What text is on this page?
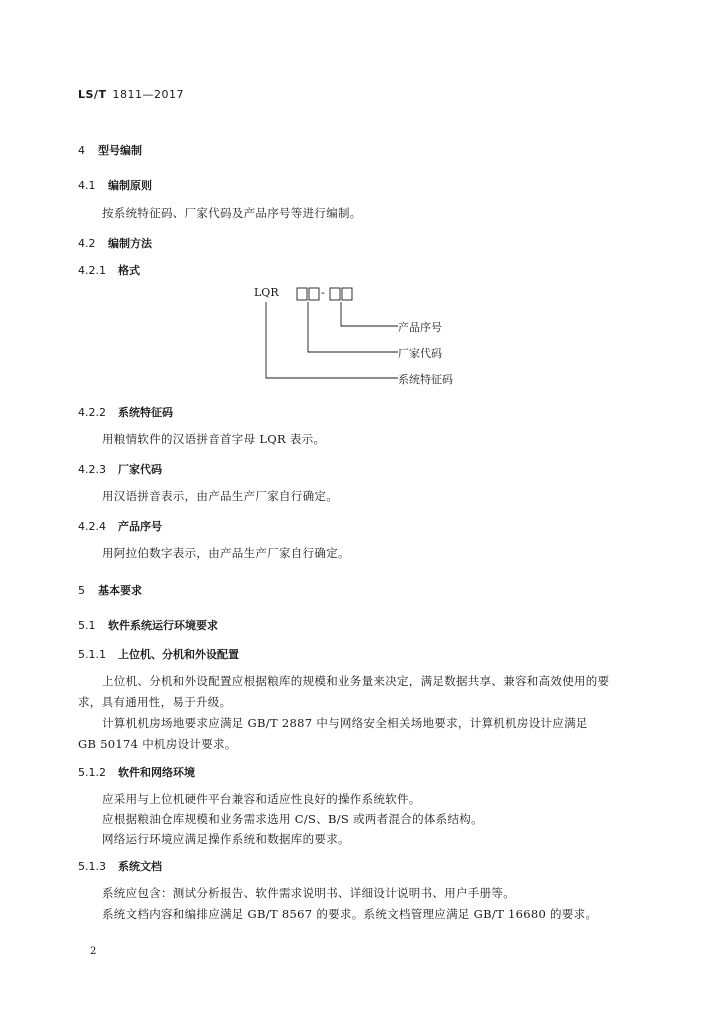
LS/T 1811—2017
4 型号编制
4.1 编制原则
按系统特征码、厂家代码及产品序号等进行编制。
4.2 编制方法
4.2.1 格式
LQR	-
产品序号
厂家代码
系统特征码
4.2.2 系统特征码
用粮情软件的汉语拼音首字母 LQR 表示。
4.2.3 厂家代码
用汉语拼音表示，由产品生产厂家自行确定。
4.2.4 产品序号
用阿拉伯数字表示，由产品生产厂家自行确定。
5 基本要求
5.1 软件系统运行环境要求
5.1.1 上位机、分机和外设配置
上位机、分机和外设配置应根据粮库的规模和业务量来决定，满足数据共享、兼容和高效使用的要
求，具有通用性，易于升级。
计算机机房场地要求应满足 GB/T 2887 中与网络安全相关场地要求，计算机机房设计应满足
GB 50174 中机房设计要求。
5.1.2 软件和网络环境
应采用与上位机硬件平台兼容和适应性良好的操作系统软件。
应根据粮油仓库规模和业务需求选用 C/S、B/S 或两者混合的体系结构。
网络运行环境应满足操作系统和数据库的要求。
5.1.3 系统文档
系统应包含：测试分析报告、软件需求说明书、详细设计说明书、用户手册等。
系统文档内容和编排应满足 GB/T 8567 的要求。系统文档管理应满足 GB/T 16680 的要求。
2
